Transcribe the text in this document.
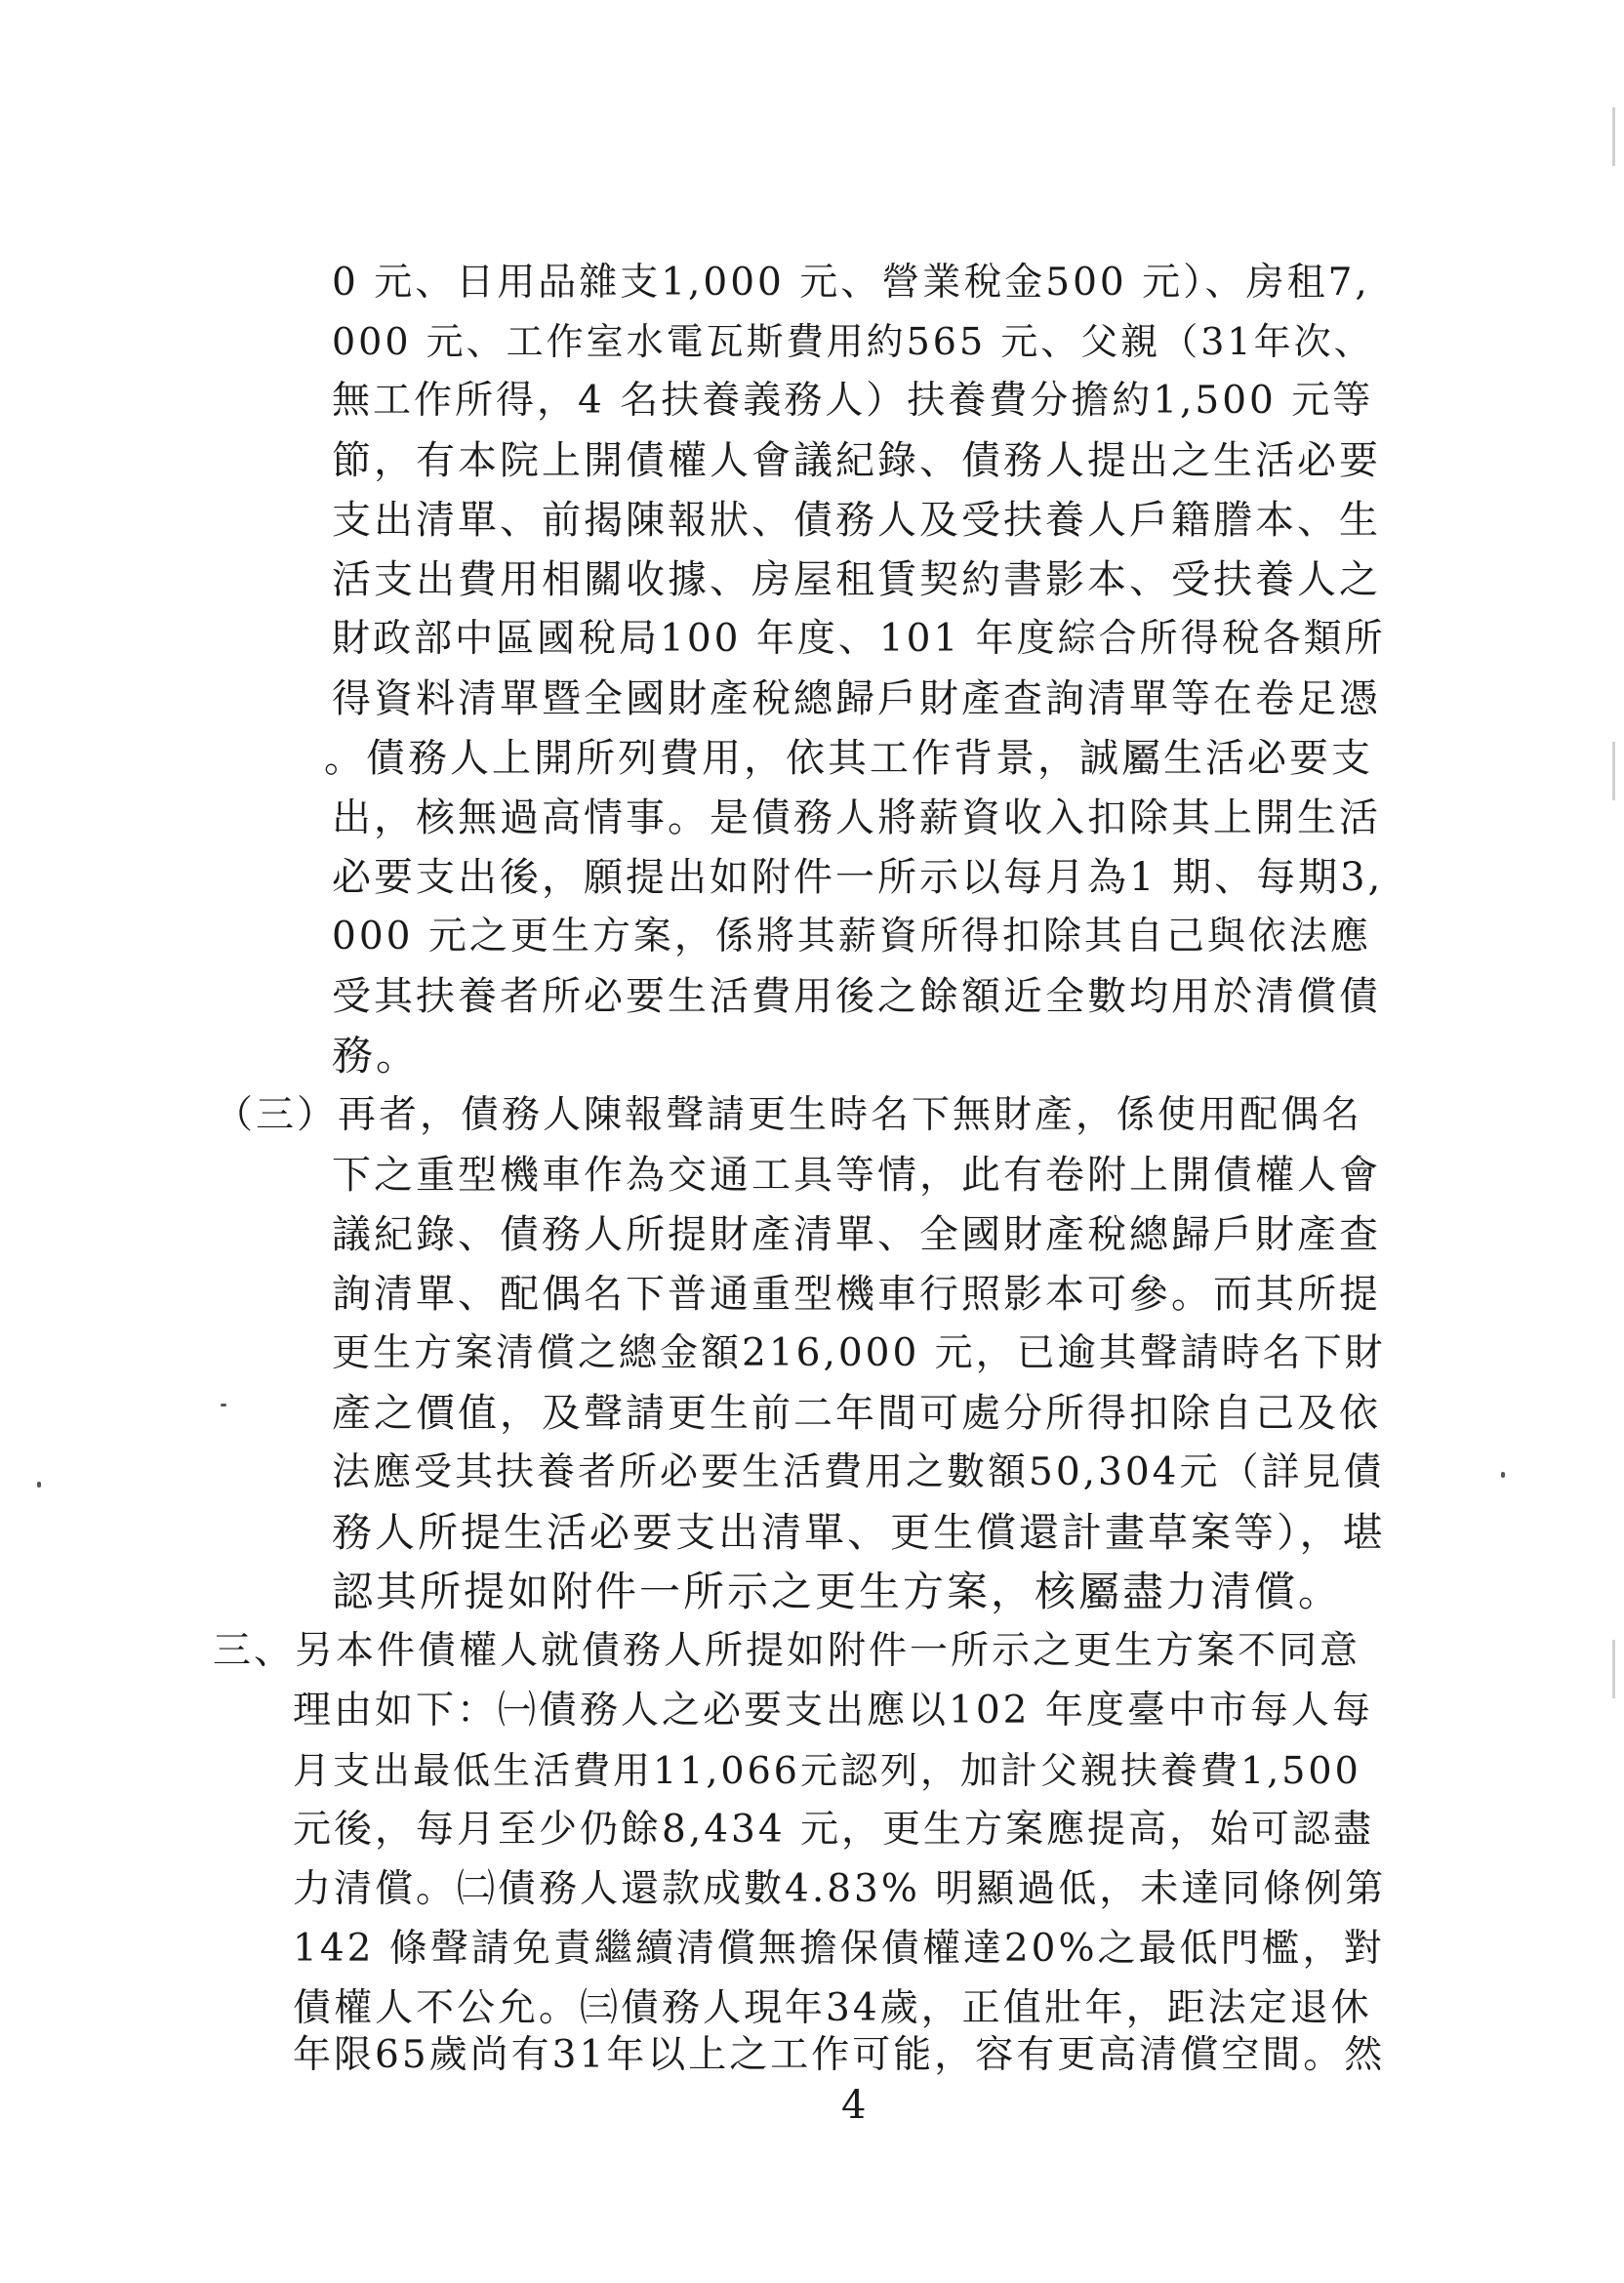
0 元、日用品雜支1,000 元、營業稅金500 元）、房租7,
000 元、工作室水電瓦斯費用約565 元、父親（31年次、
無工作所得，4 名扶養義務人）扶養費分擔約1,500 元等
節，有本院上開債權人會議紀錄、債務人提出之生活必要
支出清單、前揭陳報狀、債務人及受扶養人戶籍謄本、生
活支出費用相關收據、房屋租賃契約書影本、受扶養人之
財政部中區國稅局100 年度、101 年度綜合所得稅各類所
得資料清單暨全國財產稅總歸戶財產查詢清單等在卷足憑
。債務人上開所列費用，依其工作背景，誠屬生活必要支
出，核無過高情事。是債務人將薪資收入扣除其上開生活
必要支出後，願提出如附件一所示以每月為1 期、每期3,
000 元之更生方案，係將其薪資所得扣除其自己與依法應
受其扶養者所必要生活費用後之餘額近全數均用於清償債
務。
（三）再者，債務人陳報聲請更生時名下無財產，係使用配偶名
下之重型機車作為交通工具等情，此有卷附上開債權人會
議紀錄、債務人所提財產清單、全國財產稅總歸戶財產查
詢清單、配偶名下普通重型機車行照影本可參。而其所提
更生方案清償之總金額216,000 元，已逾其聲請時名下財
產之價值，及聲請更生前二年間可處分所得扣除自己及依
法應受其扶養者所必要生活費用之數額50,304元（詳見債
務人所提生活必要支出清單、更生償還計畫草案等），堪
認其所提如附件一所示之更生方案，核屬盡力清償。
三、另本件債權人就債務人所提如附件一所示之更生方案不同意
理由如下：㈠債務人之必要支出應以102 年度臺中市每人每
月支出最低生活費用11,066元認列，加計父親扶養費1,500
元後，每月至少仍餘8,434 元，更生方案應提高，始可認盡
力清償。㈡債務人還款成數4.83% 明顯過低，未達同條例第
142 條聲請免責繼續清償無擔保債權達20%之最低門檻，對
債權人不公允。㈢債務人現年34歲，正值壯年，距法定退休
年限65歲尚有31年以上之工作可能，容有更高清償空間。然
4
